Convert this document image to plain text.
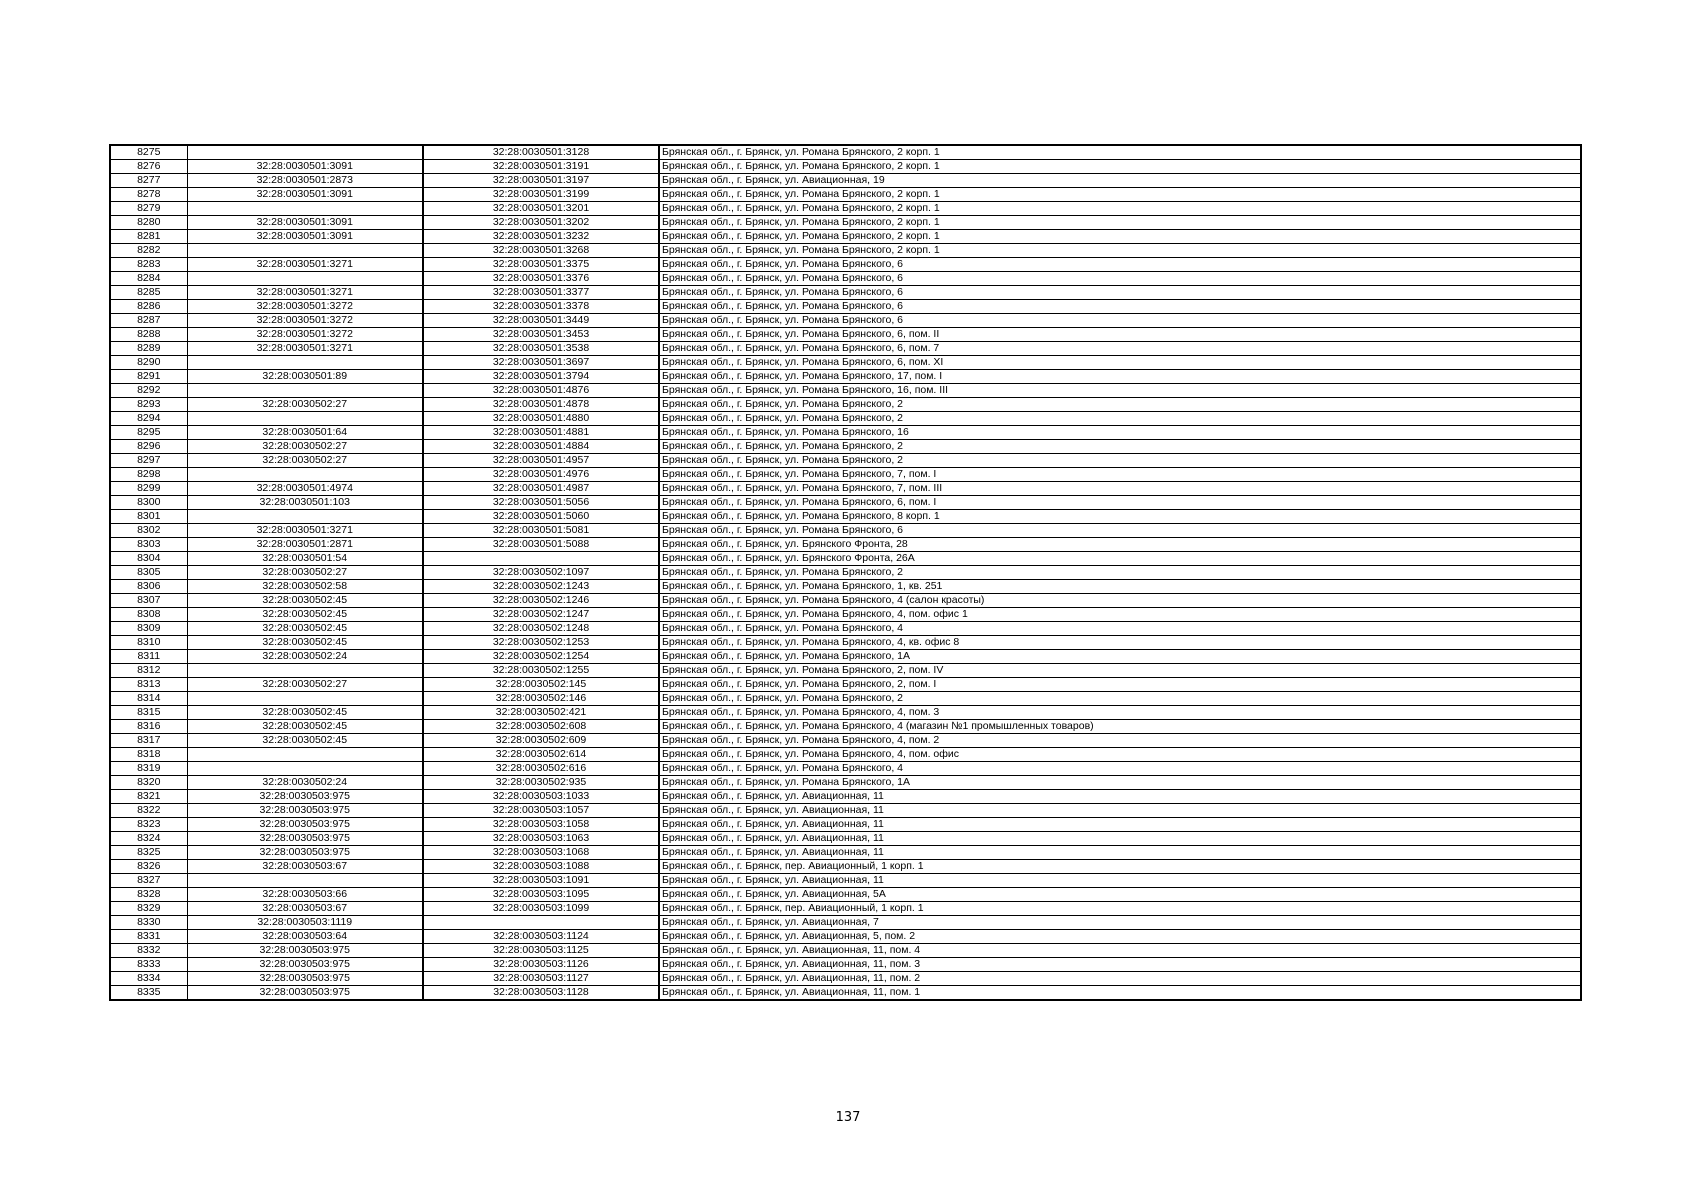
8275		32:28:0030501:3128	Брянская обл., г. Брянск, ул. Романа Брянского, 2 корп. 1
8276	32:28:0030501:3091	32:28:0030501:3191	Брянская обл., г. Брянск, ул. Романа Брянского, 2 корп. 1
8277	32:28:0030501:2873	32:28:0030501:3197	Брянская обл., г. Брянск, ул. Авиационная, 19
8278	32:28:0030501:3091	32:28:0030501:3199	Брянская обл., г. Брянск, ул. Романа Брянского, 2 корп. 1
8279		32:28:0030501:3201	Брянская обл., г. Брянск, ул. Романа Брянского, 2 корп. 1
8280	32:28:0030501:3091	32:28:0030501:3202	Брянская обл., г. Брянск, ул. Романа Брянского, 2 корп. 1
8281	32:28:0030501:3091	32:28:0030501:3232	Брянская обл., г. Брянск, ул. Романа Брянского, 2 корп. 1
8282		32:28:0030501:3268	Брянская обл., г. Брянск, ул. Романа Брянского, 2 корп. 1
8283	32:28:0030501:3271	32:28:0030501:3375	Брянская обл., г. Брянск, ул. Романа Брянского, 6
8284		32:28:0030501:3376	Брянская обл., г. Брянск, ул. Романа Брянского, 6
8285	32:28:0030501:3271	32:28:0030501:3377	Брянская обл., г. Брянск, ул. Романа Брянского, 6
8286	32:28:0030501:3272	32:28:0030501:3378	Брянская обл., г. Брянск, ул. Романа Брянского, 6
8287	32:28:0030501:3272	32:28:0030501:3449	Брянская обл., г. Брянск, ул. Романа Брянского, 6
8288	32:28:0030501:3272	32:28:0030501:3453	Брянская обл., г. Брянск, ул. Романа Брянского, 6, пом. II
8289	32:28:0030501:3271	32:28:0030501:3538	Брянская обл., г. Брянск, ул. Романа Брянского, 6, пом. 7
8290		32:28:0030501:3697	Брянская обл., г. Брянск, ул. Романа Брянского, 6, пом. XI
8291	32:28:0030501:89	32:28:0030501:3794	Брянская обл., г. Брянск, ул. Романа Брянского, 17, пом. I
8292		32:28:0030501:4876	Брянская обл., г. Брянск, ул. Романа Брянского, 16, пом. III
8293	32:28:0030502:27	32:28:0030501:4878	Брянская обл., г. Брянск, ул. Романа Брянского, 2
8294		32:28:0030501:4880	Брянская обл., г. Брянск, ул. Романа Брянского, 2
8295	32:28:0030501:64	32:28:0030501:4881	Брянская обл., г. Брянск, ул. Романа Брянского, 16
8296	32:28:0030502:27	32:28:0030501:4884	Брянская обл., г. Брянск, ул. Романа Брянского, 2
8297	32:28:0030502:27	32:28:0030501:4957	Брянская обл., г. Брянск, ул. Романа Брянского, 2
8298		32:28:0030501:4976	Брянская обл., г. Брянск, ул. Романа Брянского, 7, пом. I
8299	32:28:0030501:4974	32:28:0030501:4987	Брянская обл., г. Брянск, ул. Романа Брянского, 7, пом. III
8300	32:28:0030501:103	32:28:0030501:5056	Брянская обл., г. Брянск, ул. Романа Брянского, 6, пом. I
8301		32:28:0030501:5060	Брянская обл., г. Брянск, ул. Романа Брянского, 8 корп. 1
8302	32:28:0030501:3271	32:28:0030501:5081	Брянская обл., г. Брянск, ул. Романа Брянского, 6
8303	32:28:0030501:2871	32:28:0030501:5088	Брянская обл., г. Брянск, ул. Брянского Фронта, 28
8304	32:28:0030501:54		Брянская обл., г. Брянск, ул. Брянского Фронта, 26А
8305	32:28:0030502:27	32:28:0030502:1097	Брянская обл., г. Брянск, ул. Романа Брянского, 2
8306	32:28:0030502:58	32:28:0030502:1243	Брянская обл., г. Брянск, ул. Романа Брянского, 1, кв. 251
8307	32:28:0030502:45	32:28:0030502:1246	Брянская обл., г. Брянск, ул. Романа Брянского, 4 (салон красоты)
8308	32:28:0030502:45	32:28:0030502:1247	Брянская обл., г. Брянск, ул. Романа Брянского, 4, пом. офис 1
8309	32:28:0030502:45	32:28:0030502:1248	Брянская обл., г. Брянск, ул. Романа Брянского, 4
8310	32:28:0030502:45	32:28:0030502:1253	Брянская обл., г. Брянск, ул. Романа Брянского, 4, кв. офис 8
8311	32:28:0030502:24	32:28:0030502:1254	Брянская обл., г. Брянск, ул. Романа Брянского, 1А
8312		32:28:0030502:1255	Брянская обл., г. Брянск, ул. Романа Брянского, 2, пом. IV
8313	32:28:0030502:27	32:28:0030502:145	Брянская обл., г. Брянск, ул. Романа Брянского, 2, пом. I
8314		32:28:0030502:146	Брянская обл., г. Брянск, ул. Романа Брянского, 2
8315	32:28:0030502:45	32:28:0030502:421	Брянская обл., г. Брянск, ул. Романа Брянского, 4, пом. 3
8316	32:28:0030502:45	32:28:0030502:608	Брянская обл., г. Брянск, ул. Романа Брянского, 4 (магазин №1 промышленных товаров)
8317	32:28:0030502:45	32:28:0030502:609	Брянская обл., г. Брянск, ул. Романа Брянского, 4, пом. 2
8318		32:28:0030502:614	Брянская обл., г. Брянск, ул. Романа Брянского, 4, пом. офис
8319		32:28:0030502:616	Брянская обл., г. Брянск, ул. Романа Брянского, 4
8320	32:28:0030502:24	32:28:0030502:935	Брянская обл., г. Брянск, ул. Романа Брянского, 1А
8321	32:28:0030503:975	32:28:0030503:1033	Брянская обл., г. Брянск, ул. Авиационная, 11
8322	32:28:0030503:975	32:28:0030503:1057	Брянская обл., г. Брянск, ул. Авиационная, 11
8323	32:28:0030503:975	32:28:0030503:1058	Брянская обл., г. Брянск, ул. Авиационная, 11
8324	32:28:0030503:975	32:28:0030503:1063	Брянская обл., г. Брянск, ул. Авиационная, 11
8325	32:28:0030503:975	32:28:0030503:1068	Брянская обл., г. Брянск, ул. Авиационная, 11
8326	32:28:0030503:67	32:28:0030503:1088	Брянская обл., г. Брянск, пер. Авиационный, 1 корп. 1
8327		32:28:0030503:1091	Брянская обл., г. Брянск, ул. Авиационная, 11
8328	32:28:0030503:66	32:28:0030503:1095	Брянская обл., г. Брянск, ул. Авиационная, 5А
8329	32:28:0030503:67	32:28:0030503:1099	Брянская обл., г. Брянск, пер. Авиационный, 1 корп. 1
8330	32:28:0030503:1119		Брянская обл., г. Брянск, ул. Авиационная, 7
8331	32:28:0030503:64	32:28:0030503:1124	Брянская обл., г. Брянск, ул. Авиационная, 5, пом. 2
8332	32:28:0030503:975	32:28:0030503:1125	Брянская обл., г. Брянск, ул. Авиационная, 11, пом. 4
8333	32:28:0030503:975	32:28:0030503:1126	Брянская обл., г. Брянск, ул. Авиационная, 11, пом. 3
8334	32:28:0030503:975	32:28:0030503:1127	Брянская обл., г. Брянск, ул. Авиационная, 11, пом. 2
8335	32:28:0030503:975	32:28:0030503:1128	Брянская обл., г. Брянск, ул. Авиационная, 11, пом. 1
137
